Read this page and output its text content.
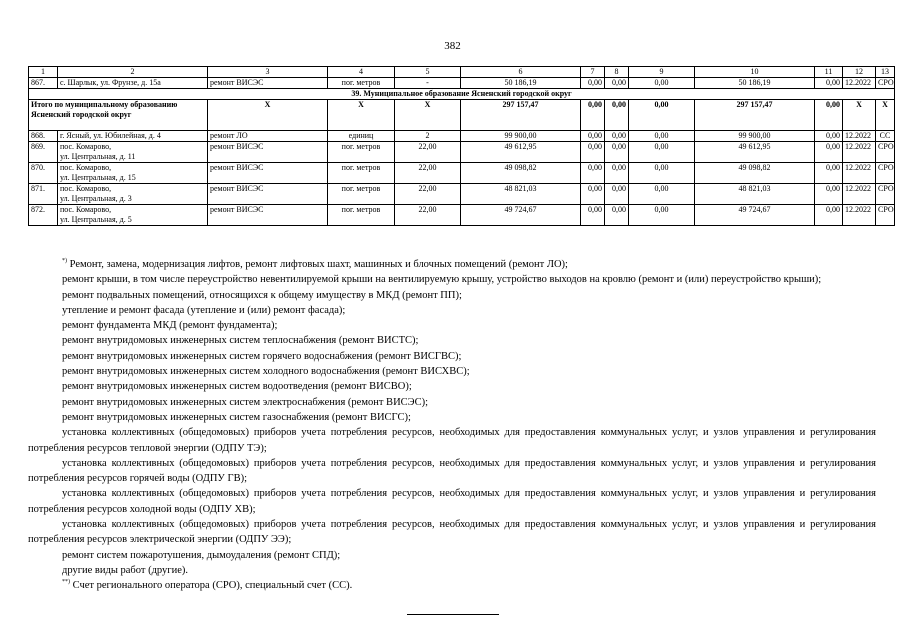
382
1	2	3	4	5	6	7	8	9	10	11	12	13
867.	с. Шарлык, ул. Фрунзе, д. 15а	ремонт ВИСЭС	пог. метров	-	50 186,19	0,00	0,00	0,00	50 186,19	0,00	12.2022	СРО
39. Муниципальное образование Ясненский городской округ												
Итого по муниципальному образованию Ясненский городской округ		X	X	X	297 157,47	0,00	0,00	0,00	297 157,47	0,00	X	X
868.	г. Ясный, ул. Юбилейная, д. 4	ремонт ЛО	единиц	2	99 900,00	0,00	0,00	0,00	99 900,00	0,00	12.2022	СС
869.	пос. Комарово,
ул. Центральная, д. 11	ремонт ВИСЭС	пог. метров	22,00	49 612,95	0,00	0,00	0,00	49 612,95	0,00	12.2022	СРО
870.	пос. Комарово,
ул. Центральная, д. 15	ремонт ВИСЭС	пог. метров	22,00	49 098,82	0,00	0,00	0,00	49 098,82	0,00	12.2022	СРО
871.	пос. Комарово,
ул. Центральная, д. 3	ремонт ВИСЭС	пог. метров	22,00	48 821,03	0,00	0,00	0,00	48 821,03	0,00	12.2022	СРО
872.	пос. Комарово,
ул. Центральная, д. 5	ремонт ВИСЭС	пог. метров	22,00	49 724,67	0,00	0,00	0,00	49 724,67	0,00	12.2022	СРО

*) Ремонт, замена, модернизация лифтов, ремонт лифтовых шахт, машинных и блочных помещений (ремонт ЛО);

ремонт крыши, в том числе переустройство невентилируемой крыши на вентилируемую крышу, устройство выходов на кровлю (ремонт и (или) переустройство крыши);

ремонт подвальных помещений, относящихся к общему имуществу в МКД (ремонт ПП);

утепление и ремонт фасада (утепление и (или) ремонт фасада);

ремонт фундамента МКД (ремонт фундамента);

ремонт внутридомовых инженерных систем теплоснабжения (ремонт ВИСТС);

ремонт внутридомовых инженерных систем горячего водоснабжения (ремонт ВИСГВС);

ремонт внутридомовых инженерных систем холодного водоснабжения (ремонт ВИСХВС);

ремонт внутридомовых инженерных систем водоотведения (ремонт ВИСВО);

ремонт внутридомовых инженерных систем электроснабжения (ремонт ВИСЭС);

ремонт внутридомовых инженерных систем газоснабжения (ремонт ВИСГС);

установка коллективных (общедомовых) приборов учета потребления ресурсов, необходимых для предоставления коммунальных услуг, и узлов управления и регулирования потребления ресурсов тепловой энергии (ОДПУ ТЭ);

установка коллективных (общедомовых) приборов учета потребления ресурсов, необходимых для предоставления коммунальных услуг, и узлов управления и регулирования потребления ресурсов горячей воды (ОДПУ ГВ);

установка коллективных (общедомовых) приборов учета потребления ресурсов, необходимых для предоставления коммунальных услуг, и узлов управления и регулирования потребления ресурсов холодной воды (ОДПУ ХВ);

установка коллективных (общедомовых) приборов учета потребления ресурсов, необходимых для предоставления коммунальных услуг, и узлов управления и регулирования потребления ресурсов электрической энергии (ОДПУ ЭЭ);

ремонт систем пожаротушения, дымоудаления (ремонт СПД);

другие виды работ (другие).

**) Счет регионального оператора (СРО), специальный счет (СС).
